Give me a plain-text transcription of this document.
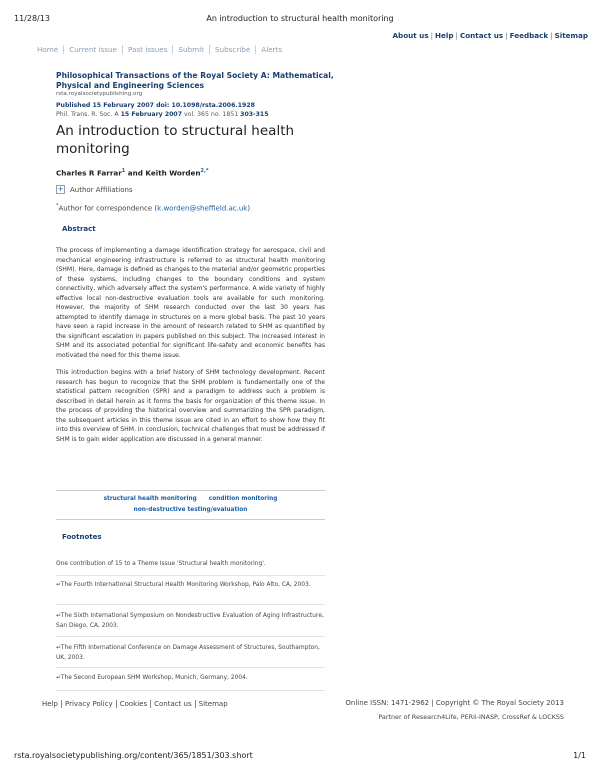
11/28/13	An introduction to structural health monitoring
About us | Help | Contact us | Feedback | Sitemap
Home	Current issue	Past issues	Submit	Subscribe	Alerts
Philosophical Transactions of the Royal Society A: Mathematical, Physical and Engineering Sciences
rsta.royalsocietypublishing.org
Published 15 February 2007 doi: 10.1098/rsta.2006.1928
Phil. Trans. R. Soc. A 15 February 2007 vol. 365 no. 1851 303-315
An introduction to structural health monitoring
Charles R Farrar$^1$ and Keith Worden$^{2,*}$
+ Author Affiliations
*Author for correspondence (k.worden@sheffield.ac.uk)
Abstract

The process of implementing a damage identification strategy for aerospace, civil and mechanical engineering infrastructure is referred to as structural health monitoring (SHM). Here, damage is defined as changes to the material and/or geometric properties of these systems, including changes to the boundary conditions and system connectivity, which adversely affect the system's performance. A wide variety of highly effective local non-destructive evaluation tools are available for such monitoring. However, the majority of SHM research conducted over the last 30 years has attempted to identify damage in structures on a more global basis. The past 10 years have seen a rapid increase in the amount of research related to SHM as quantified by the significant escalation in papers published on this subject. The increased interest in SHM and its associated potential for significant life-safety and economic benefits has motivated the need for this theme issue.

This introduction begins with a brief history of SHM technology development. Recent research has begun to recognize that the SHM problem is fundamentally one of the statistical pattern recognition (SPR) and a paradigm to address such a problem is described in detail herein as it forms the basis for organization of this theme issue. In the process of providing the historical overview and summarizing the SPR paradigm, the subsequent articles in this theme issue are cited in an effort to show how they fit into this overview of SHM. In conclusion, technical challenges that must be addressed if SHM is to gain wider application are discussed in a general manner.

structural health monitoring condition monitoring
non-destructive testing/evaluation
Footnotes
One contribution of 15 to a Theme Issue 'Structural health monitoring'.
↵The Fourth International Structural Health Monitoring Workshop, Palo Alto, CA, 2003.
↵The Sixth International Symposium on Nondestructive Evaluation of Aging Infrastructure, San Diego, CA, 2003.
↵The Fifth International Conference on Damage Assessment of Structures, Southampton, UK, 2003.
↵The Second European SHM Workshop, Munich, Germany, 2004.
Help	Privacy Policy	Cookies	Contact us	Sitemap	Online ISSN: 1471-2962 | Copyright © The Royal Society 2013
Partner of Research4Life, PERii-INASP, CrossRef & LOCKSS
rsta.royalsocietypublishing.org/content/365/1851/303.short	1/1
